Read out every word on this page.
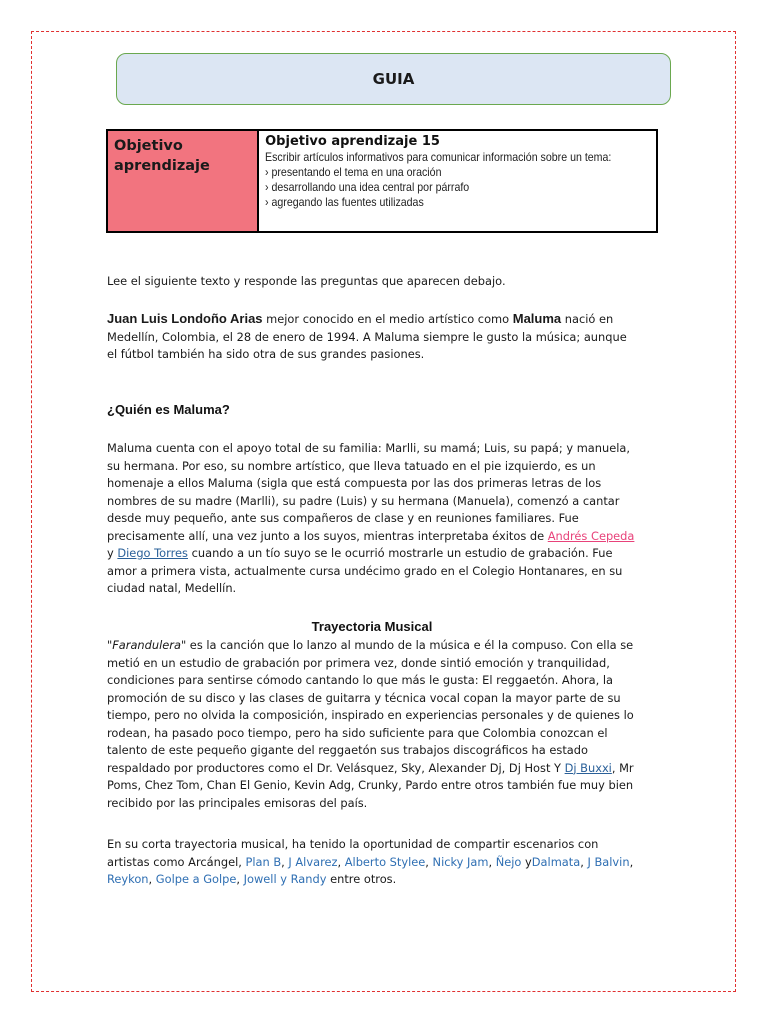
GUIA
Objetivo aprendizaje
Objetivo aprendizaje 15
Escribir artículos informativos para comunicar información sobre un tema:
› presentando el tema en una oración
› desarrollando una idea central por párrafo
› agregando las fuentes utilizadas
Lee el siguiente texto y responde las preguntas que aparecen debajo.
Juan Luis Londoño Arias mejor conocido en el medio artístico como Maluma nació en Medellín, Colombia, el 28 de enero de 1994. A Maluma siempre le gusto la música; aunque el fútbol también ha sido otra de sus grandes pasiones.
¿Quién es Maluma?
Maluma cuenta con el apoyo total de su familia: Marlli, su mamá; Luis, su papá; y manuela, su hermana. Por eso, su nombre artístico, que lleva tatuado en el pie izquierdo, es un homenaje a ellos Maluma (sigla que está compuesta por las dos primeras letras de los nombres de su madre (Marlli), su padre (Luis) y su hermana (Manuela), comenzó a cantar desde muy pequeño, ante sus compañeros de clase y en reuniones familiares. Fue precisamente allí, una vez junto a los suyos, mientras interpretaba éxitos de Andrés Cepeda y Diego Torres cuando a un tío suyo se le ocurrió mostrarle un estudio de grabación. Fue amor a primera vista, actualmente cursa undécimo grado en el Colegio Hontanares, en su ciudad natal, Medellín.
Trayectoria Musical
"Farandulera" es la canción que lo lanzo al mundo de la música e él la compuso. Con ella se metió en un estudio de grabación por primera vez, donde sintió emoción y tranquilidad, condiciones para sentirse cómodo cantando lo que más le gusta: El reggaetón. Ahora, la promoción de su disco y las clases de guitarra y técnica vocal copan la mayor parte de su tiempo, pero no olvida la composición, inspirado en experiencias personales y de quienes lo rodean, ha pasado poco tiempo, pero ha sido suficiente para que Colombia conozcan el talento de este pequeño gigante del reggaetón sus trabajos discográficos ha estado respaldado por productores como el Dr. Velásquez, Sky, Alexander Dj, Dj Host Y Dj Buxxi, Mr Poms, Chez Tom, Chan El Genio, Kevin Adg, Crunky, Pardo entre otros también fue muy bien recibido por las principales emisoras del país.
En su corta trayectoria musical, ha tenido la oportunidad de compartir escenarios con artistas como Arcángel, Plan B, J Alvarez, Alberto Stylee, Nicky Jam, Ñejo yDalmata, J Balvin, Reykon, Golpe a Golpe, Jowell y Randy entre otros.
